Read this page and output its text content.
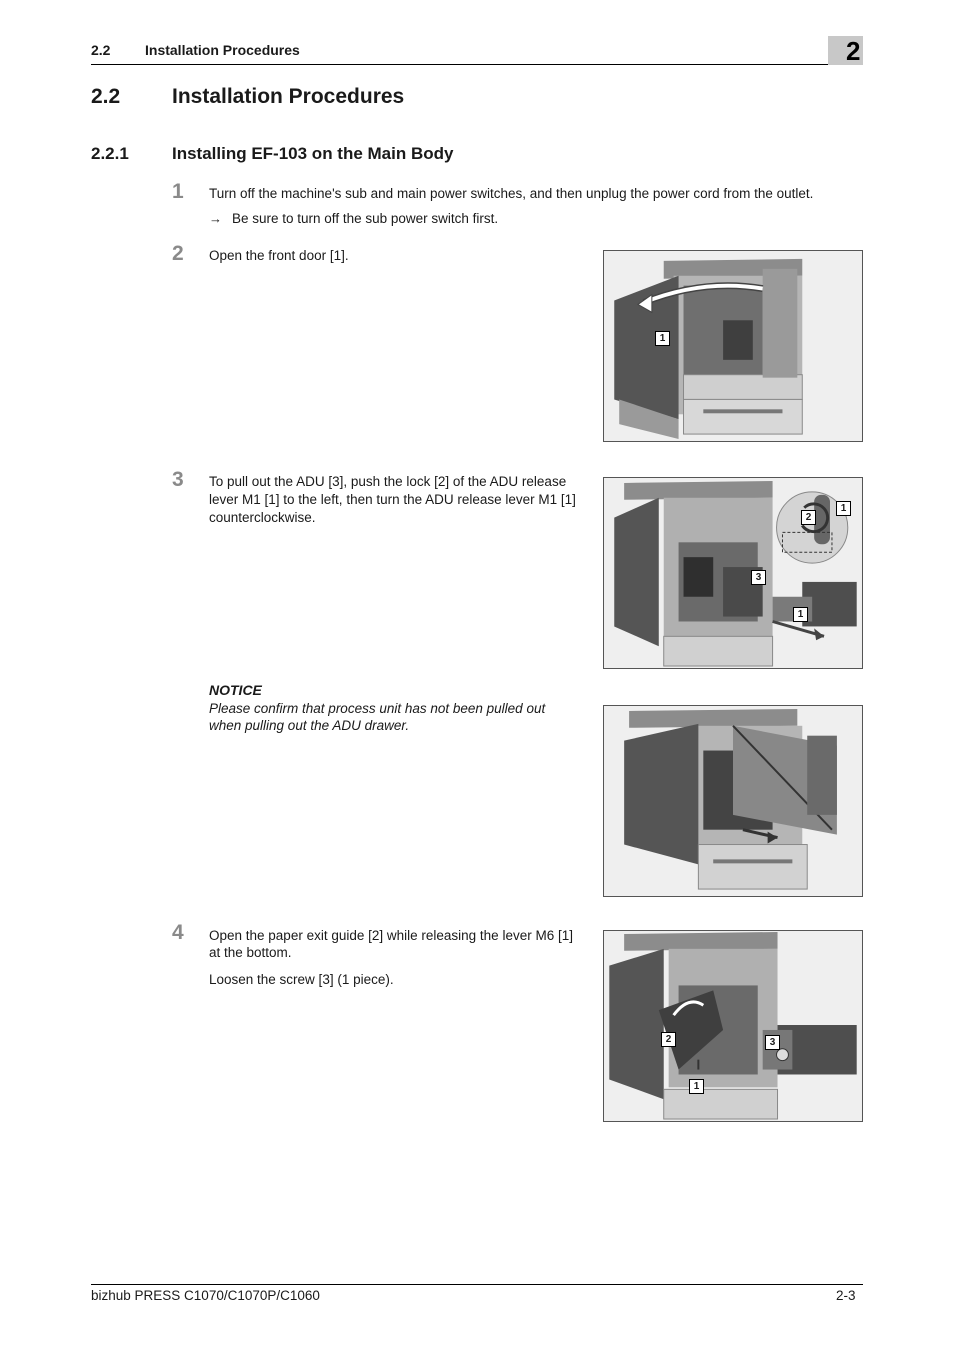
2.2 Installation Procedures	2
2.2 Installation Procedures
2.2.1	Installing EF-103 on the Main Body
1 Turn off the machine's sub and main power switches, and then unplug the power cord from the outlet.
→ Be sure to turn off the sub power switch first.
2 Open the front door [1].
1
3 To pull out the ADU [3], push the lock [2] of the ADU release
lever M1 [1] to the left, then turn the ADU release lever M1 [1]
counterclockwise.	2
1
3
1
NOTICE
Please confirm that process unit has not been pulled out
when pulling out the ADU drawer.
4 Open the paper exit guide [2] while releasing the lever M6 [1]
at the bottom.
Loosen the screw [3] (1 piece).
2	3
1
bizhub PRESS C1070/C1070P/C1060	2-3
